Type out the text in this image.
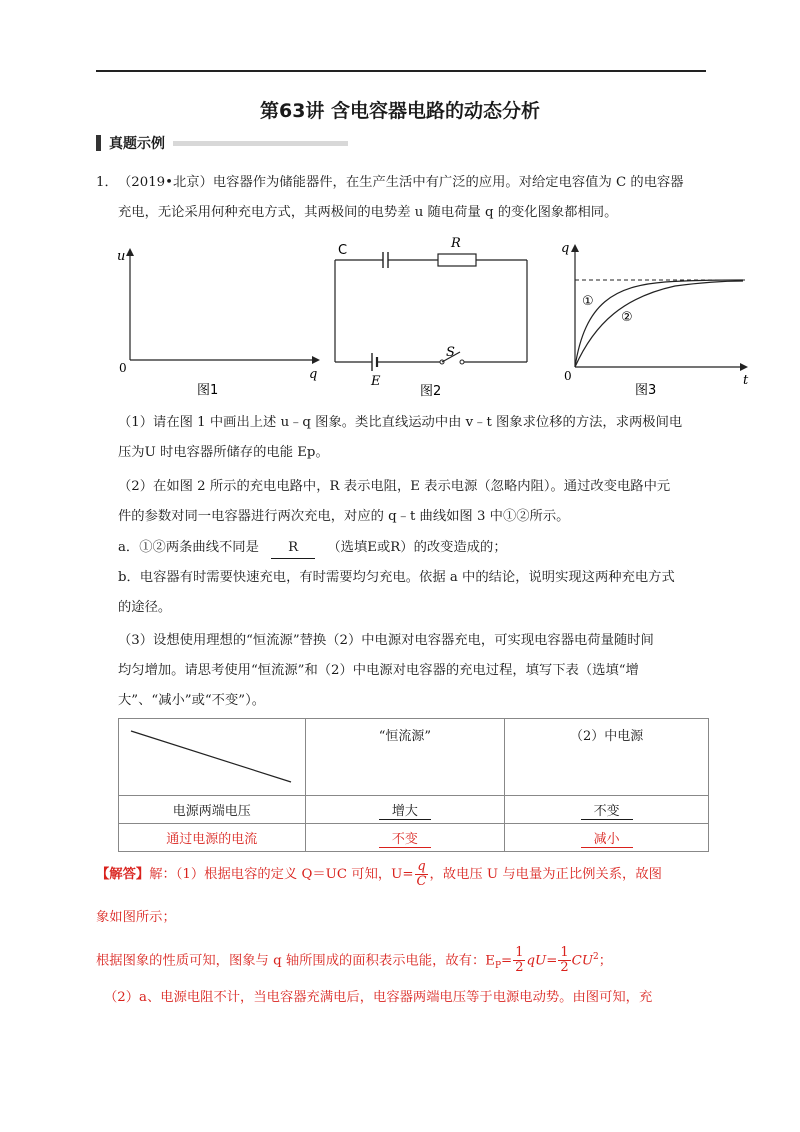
第63讲 含电容器电路的动态分析
真题示例
1． （2019•北京）电容器作为储能器件，在生产生活中有广泛的应用。对给定电容值为 C 的电容器
充电，无论采用何种充电方式，其两极间的电势差 u 随电荷量 q 的变化图象都相同。
u
q
0
图1
C	R
S
E
图2
q
t
0
①
②
图3
（1）请在图 1 中画出上述 u﹣q 图象。类比直线运动中由 v﹣t 图象求位移的方法，求两极间电
压为U 时电容器所储存的电能 Ep。
（2）在如图 2 所示的充电电路中，R 表示电阻，E 表示电源（忽略内阻）。通过改变电路中元
件的参数对同一电容器进行两次充电，对应的 q﹣t 曲线如图 3 中①②所示。
a．①②两条曲线不同是 R （选填E或R）的改变造成的；
b．电容器有时需要快速充电，有时需要均匀充电。依据 a 中的结论，说明实现这两种充电方式
的途径。
（3）设想使用理想的“恒流源”替换（2）中电源对电容器充电，可实现电容器电荷量随时间
均匀增加。请思考使用“恒流源”和（2）中电源对电容器的充电过程，填写下表（选填“增
大”、“减小”或“不变”）。
	“恒流源”	（2）中电源
电源两端电压	增大	不变
通过电源的电流	不变	减小
【解答】解：（1）根据电容的定义 Q＝UC 可知，$U= \frac{q}{C}$ ，故电压 U 与电量为正比例关系，故图
象如图所示；
根据图象的性质可知，图象与 q 轴所围成的面积表示电能，故有：$E_P= \frac{1}{2} qU= \frac{1}{2} CU^2$；
（2）a、电源电阻不计，当电容器充满电后，电容器两端电压等于电源电动势。由图可知，充
